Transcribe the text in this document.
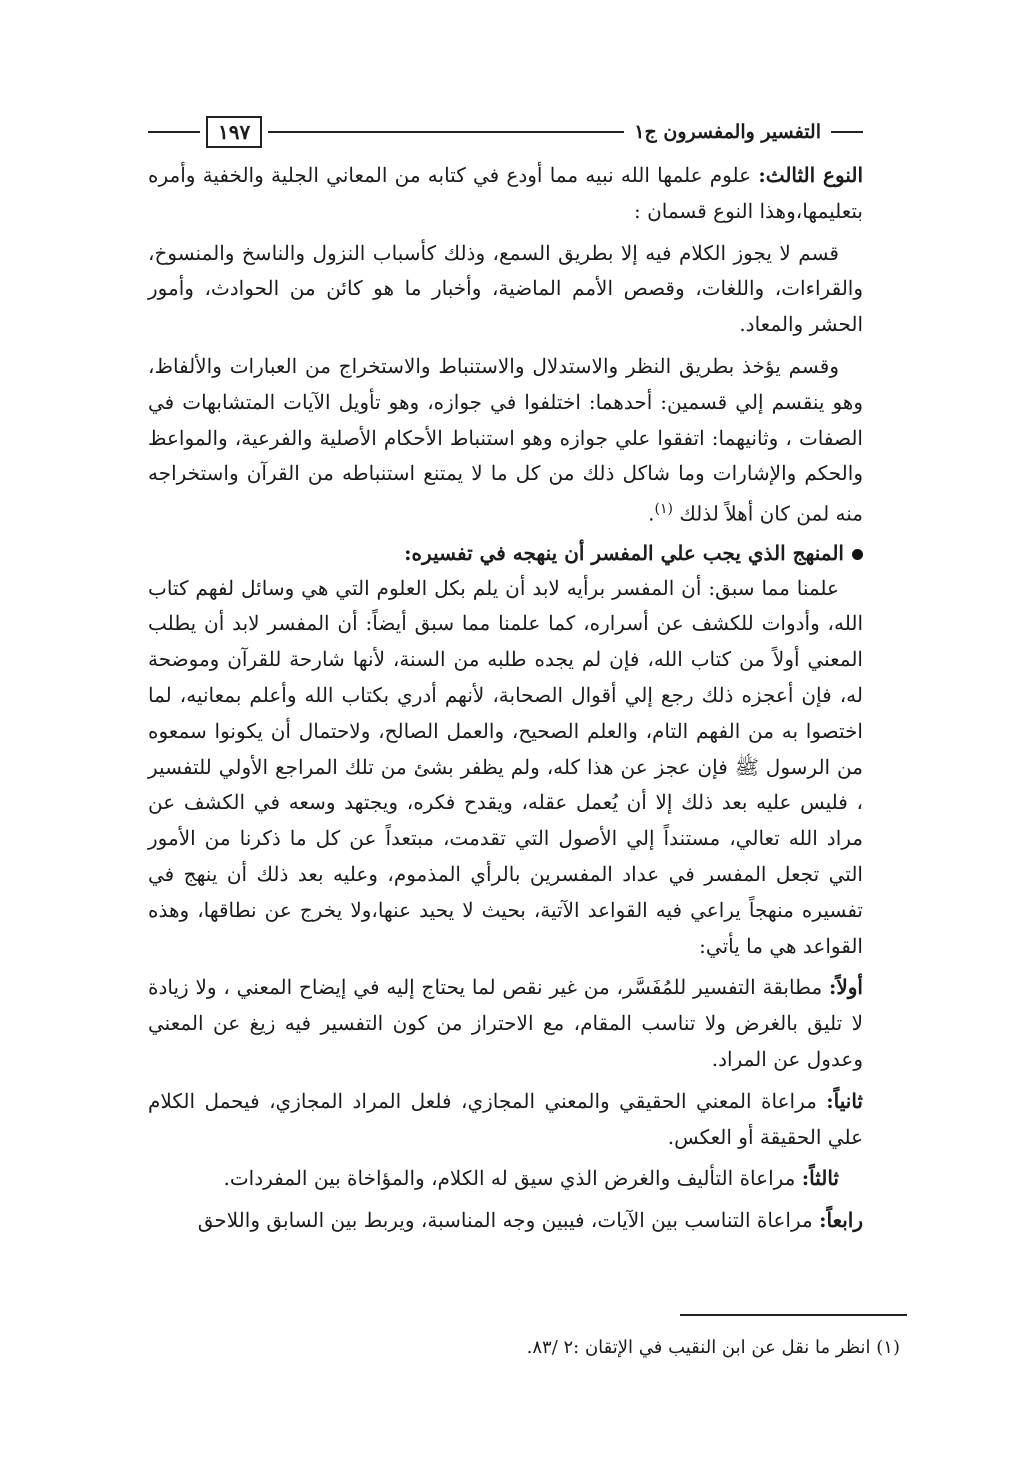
التفسير والمفسرون ج١
١٩٧

النوع الثالث: علوم علمها الله نبيه مما أودع في كتابه من المعاني الجلية والخفية وأمره بتعليمها،وهذا النوع قسمان :

قسم لا يجوز الكلام فيه إلا بطريق السمع، وذلك كأسباب النزول والناسخ والمنسوخ، والقراءات، واللغات، وقصص الأمم الماضية، وأخبار ما هو كائن من الحوادث، وأمور الحشر والمعاد.

وقسم يؤخذ بطريق النظر والاستدلال والاستنباط والاستخراج من العبارات والألفاظ، وهو ينقسم إلي قسمين: أحدهما: اختلفوا في جوازه، وهو تأويل الآيات المتشابهات في الصفات ، وثانيهما: اتفقوا علي جوازه وهو استنباط الأحكام الأصلية والفرعية، والمواعظ والحكم والإشارات وما شاكل ذلك من كل ما لا يمتنع استنباطه من القرآن واستخراجه منه لمن كان أهلاً لذلك $^{(١)}$.

المنهج الذي يجب علي المفسر أن ينهجه في تفسيره:

علمنا مما سبق: أن المفسر برأيه لابد أن يلم بكل العلوم التي هي وسائل لفهم كتاب الله، وأدوات للكشف عن أسراره، كما علمنا مما سبق أيضاً: أن المفسر لابد أن يطلب المعني أولاً من كتاب الله، فإن لم يجده طلبه من السنة، لأنها شارحة للقرآن وموضحة له، فإن أعجزه ذلك رجع إلي أقوال الصحابة، لأنهم أدري بكتاب الله وأعلم بمعانيه، لما اختصوا به من الفهم التام، والعلم الصحيح، والعمل الصالح، ولاحتمال أن يكونوا سمعوه من الرسول ﷺ فإن عجز عن هذا كله، ولم يظفر بشئ من تلك المراجع الأولي للتفسير ، فليس عليه بعد ذلك إلا أن يُعمل عقله، ويقدح فكره، ويجتهد وسعه في الكشف عن مراد الله تعالي، مستنداً إلي الأصول التي تقدمت، مبتعداً عن كل ما ذكرنا من الأمور التي تجعل المفسر في عداد المفسرين بالرأي المذموم، وعليه بعد ذلك أن ينهج في تفسيره منهجاً يراعي فيه القواعد الآتية، بحيث لا يحيد عنها،ولا يخرج عن نطاقها، وهذه القواعد هي ما يأتي:

أولاً: مطابقة التفسير للمُفَسَّر، من غير نقص لما يحتاج إليه في إيضاح المعني ، ولا زيادة لا تليق بالغرض ولا تناسب المقام، مع الاحتراز من كون التفسير فيه زيغ عن المعني وعدول عن المراد.

ثانياً: مراعاة المعني الحقيقي والمعني المجازي، فلعل المراد المجازي، فيحمل الكلام علي الحقيقة أو العكس.

ثالثاً: مراعاة التأليف والغرض الذي سيق له الكلام، والمؤاخاة بين المفردات.

رابعاً: مراعاة التناسب بين الآيات، فيبين وجه المناسبة، ويربط بين السابق واللاحق

(١) انظر ما نقل عن ابن النقيب في الإتقان :٢ /٨٣.
